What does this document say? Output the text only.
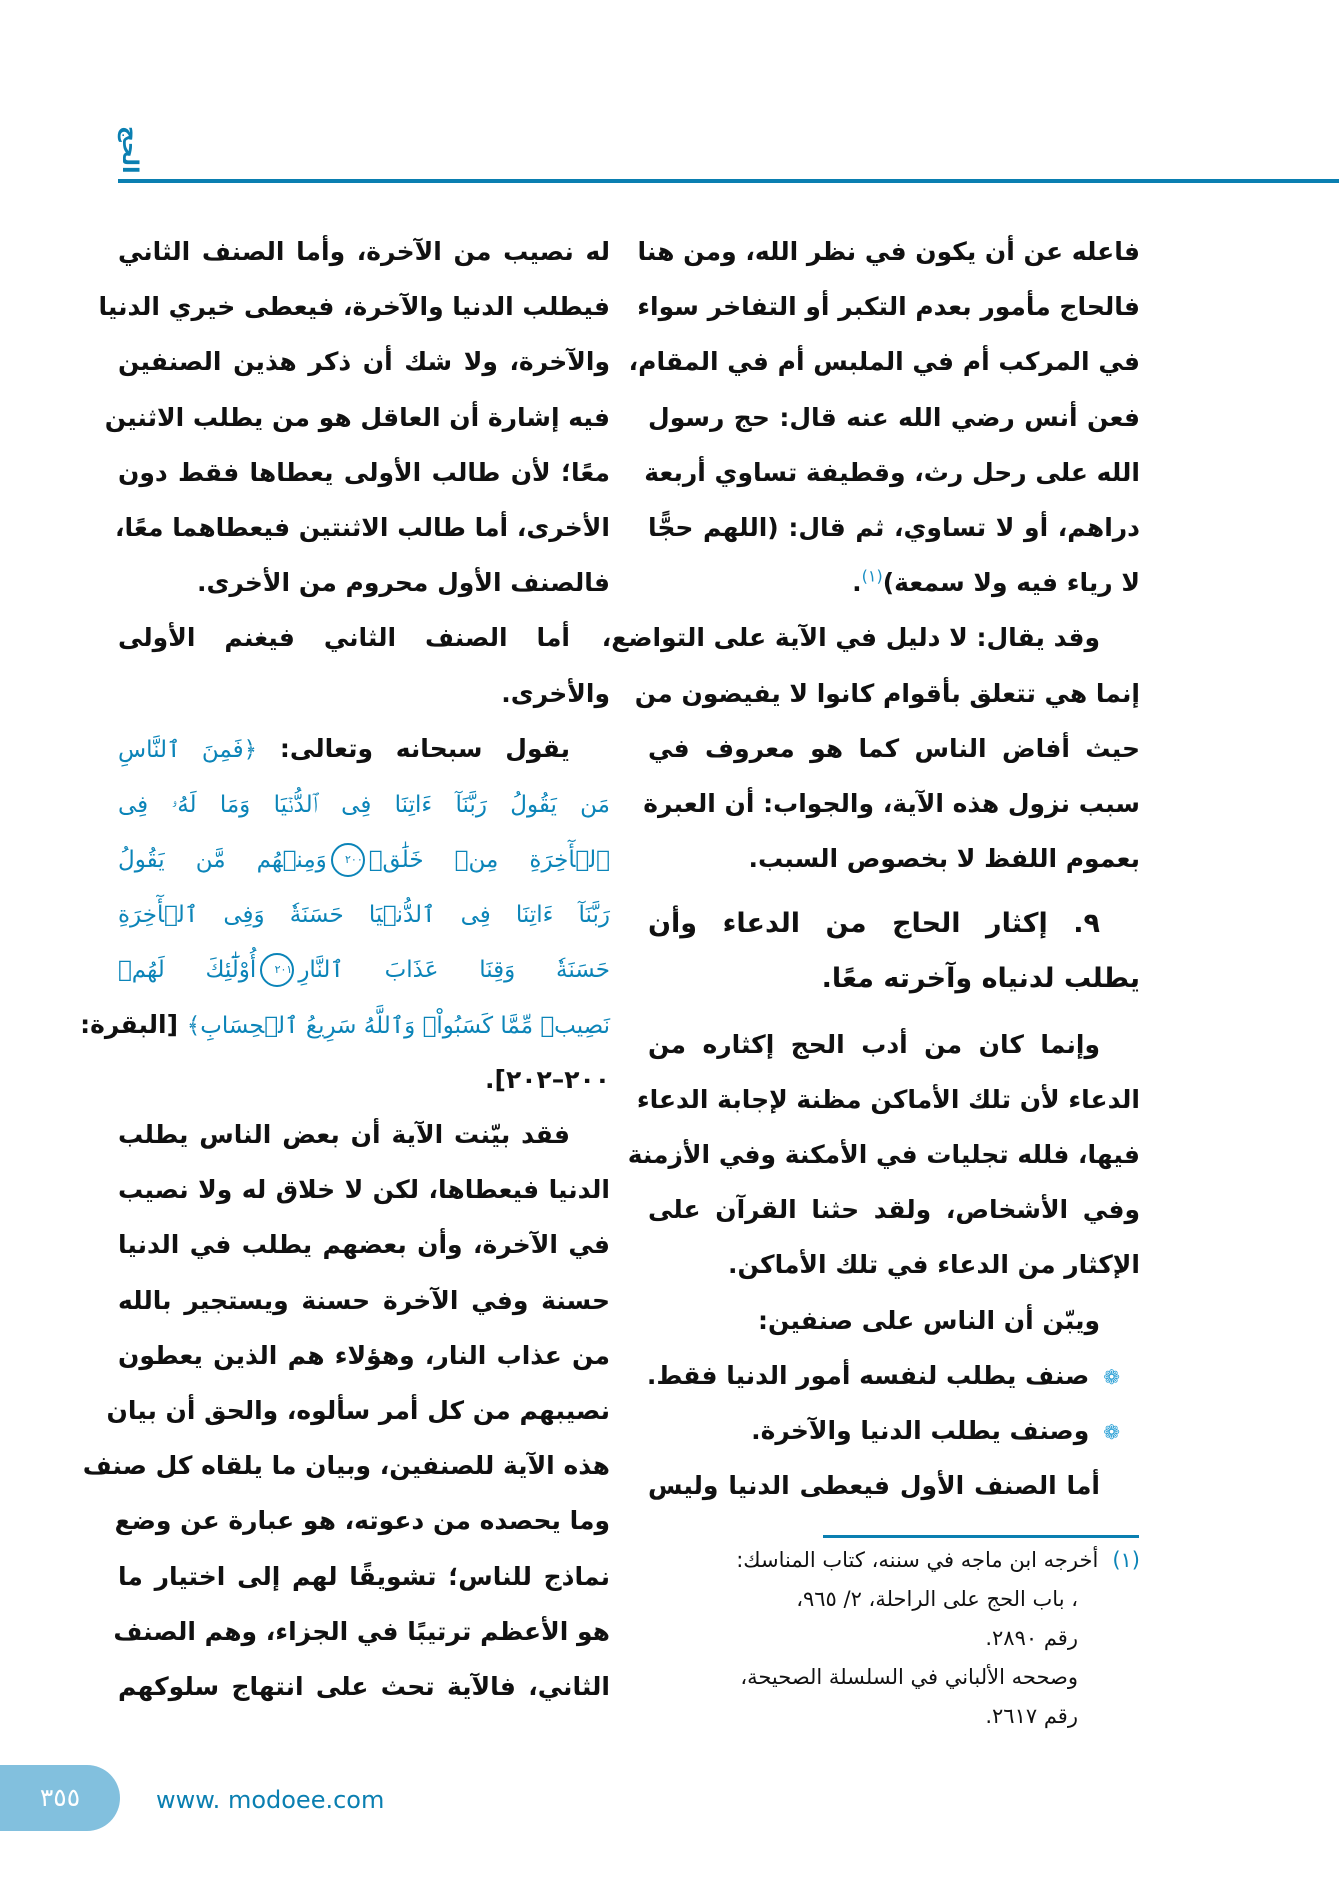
الحج
فاعله عن أن يكون في نظر الله، ومن هنا
فالحاج مأمور بعدم التكبر أو التفاخر سواء
في المركب أم في الملبس أم في المقام،
فعن أنس رضي الله عنه قال: حج رسول
الله على رحل رث، وقطيفة تساوي أربعة
دراهم، أو لا تساوي، ثم قال: (اللهم حجًّا
لا رياء فيه ولا سمعة)$^{(١)}$.
وقد يقال: لا دليل في الآية على التواضع،
إنما هي تتعلق بأقوام كانوا لا يفيضون من
حيث أفاض الناس كما هو معروف في
سبب نزول هذه الآية، والجواب: أن العبرة
بعموم اللفظ لا بخصوص السبب.
٩. إكثار الحاج من الدعاء وأن
يطلب لدنياه وآخرته معًا.
وإنما كان من أدب الحج إكثاره من
الدعاء لأن تلك الأماكن مظنة لإجابة الدعاء
فيها، فلله تجليات في الأمكنة وفي الأزمنة
وفي الأشخاص، ولقد حثنا القرآن على
الإكثار من الدعاء في تلك الأماكن.
ويبّن أن الناس على صنفين:
❁صنف يطلب لنفسه أمور الدنيا فقط.
❁وصنف يطلب الدنيا والآخرة.
أما الصنف الأول فيعطى الدنيا وليس
له نصيب من الآخرة، وأما الصنف الثاني
فيطلب الدنيا والآخرة، فيعطى خيري الدنيا
والآخرة، ولا شك أن ذكر هذين الصنفين
فيه إشارة أن العاقل هو من يطلب الاثنين
معًا؛ لأن طالب الأولى يعطاها فقط دون
الأخرى، أما طالب الاثنتين فيعطاهما معًا،
فالصنف الأول محروم من الأخرى.
أما الصنف الثاني فيغنم الأولى
والأخرى.
يقول سبحانه وتعالى: ﴿فَمِنَ ٱلنَّاسِ
مَن يَقُولُ رَبَّنَآ ءَاتِنَا فِى ٱلدُّنۡيَا وَمَا لَهُۥ فِى
ٱلۡأٓخِرَةِ مِنۡ خَلَٰقٖ٢٠٠وَمِنۡهُم مَّن يَقُولُ
رَبَّنَآ ءَاتِنَا فِى ٱلدُّنۡيَا حَسَنَةٗ وَفِى ٱلۡأٓخِرَةِ
حَسَنَةٗ وَقِنَا عَذَابَ ٱلنَّارِ٢٠١أُوْلَٰٓئِكَ لَهُمۡ
نَصِيبٞ مِّمَّا كَسَبُواْۚ وَٱللَّهُ سَرِيعُ ٱلۡحِسَابِ﴾ [البقرة:
٢٠٠–٢٠٢].
فقد بيّنت الآية أن بعض الناس يطلب
الدنيا فيعطاها، لكن لا خلاق له ولا نصيب
في الآخرة، وأن بعضهم يطلب في الدنيا
حسنة وفي الآخرة حسنة ويستجير بالله
من عذاب النار، وهؤلاء هم الذين يعطون
نصيبهم من كل أمر سألوه، والحق أن بيان
هذه الآية للصنفين، وبيان ما يلقاه كل صنف
وما يحصده من دعوته، هو عبارة عن وضع
نماذج للناس؛ تشويقًا لهم إلى اختيار ما
هو الأعظم ترتيبًا في الجزاء، وهم الصنف
الثاني، فالآية تحث على انتهاج سلوكهم
(١)أخرجه ابن ماجه في سننه، كتاب المناسك:
، باب الحج على الراحلة، ٢/ ٩٦٥،
رقم ٢٨٩٠.
وصححه الألباني في السلسلة الصحيحة،
رقم ٢٦١٧.
٣٥٥	www. modoee.com
